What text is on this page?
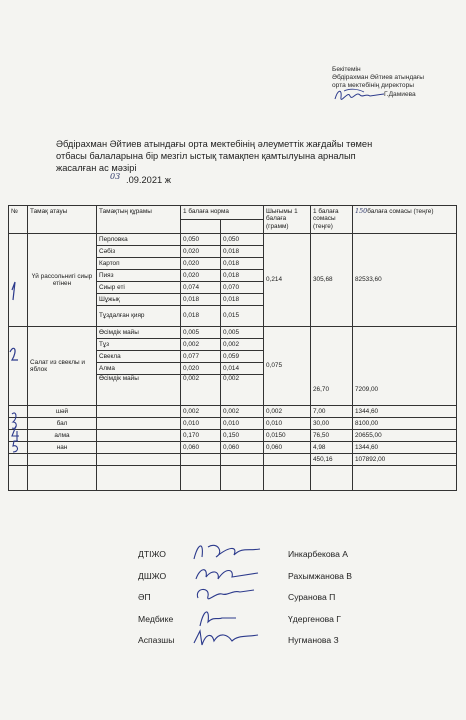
Бекітемін
Әбдірахман Әйтиев атындағы
орта мектебінің директоры
Г.Дамиева
Әбдірахман Әйтиев атындағы орта мектебінің әлеуметтік жағдайы төмен
отбасы балаларына бір мезгіл ыстық тамақпен қамтылуына арналып
жасалған ас мәзірі
03 .09.2021 ж
№	Тамақ атауы	Тамақтың құрамы	1 балаға норма		Шығымы 1 балаға (грамм)	1 балаға сомасы (теңге)	150балаға сомасы (теңге)

	Үй рассольнигі сиыр етінен	Перловка	0,050	0,050	0,214	305,68	82533,60
		Сәбіз	0,020	0,018			
		Картоп	0,020	0,018			
		Пияз	0,020	0,018			
		Сиыр еті	0,074	0,070			
		Шұжық	0,018	0,018			
		Тұздалған қияр	0,018	0,015			
	Салат из свеклы и яблок	Өсімдік майы	0,005	0,005	0,075	26,70	7209,00
		Тұз	0,002	0,002			
		Свекла	0,077	0,059			
		Алма	0,020	0,014			
		Өсімдік майы	0,002	0,002			
	шәй		0,002	0,002	0,002	7,00	1344,60
	бал		0,010	0,010	0,010	30,00	8100,00
	алма		0,170	0,150	0,0150	76,50	20655,00
	нан		0,060	0,060	0,060	4,98	1344,60
						450,16	107892,00

ДТІЖО	Инкарбекова А
ДШЖО	Рахымжанова В
ӘП	Суранова П
Медбике	Үдергенова Г
Аспазшы	Нугманова З
